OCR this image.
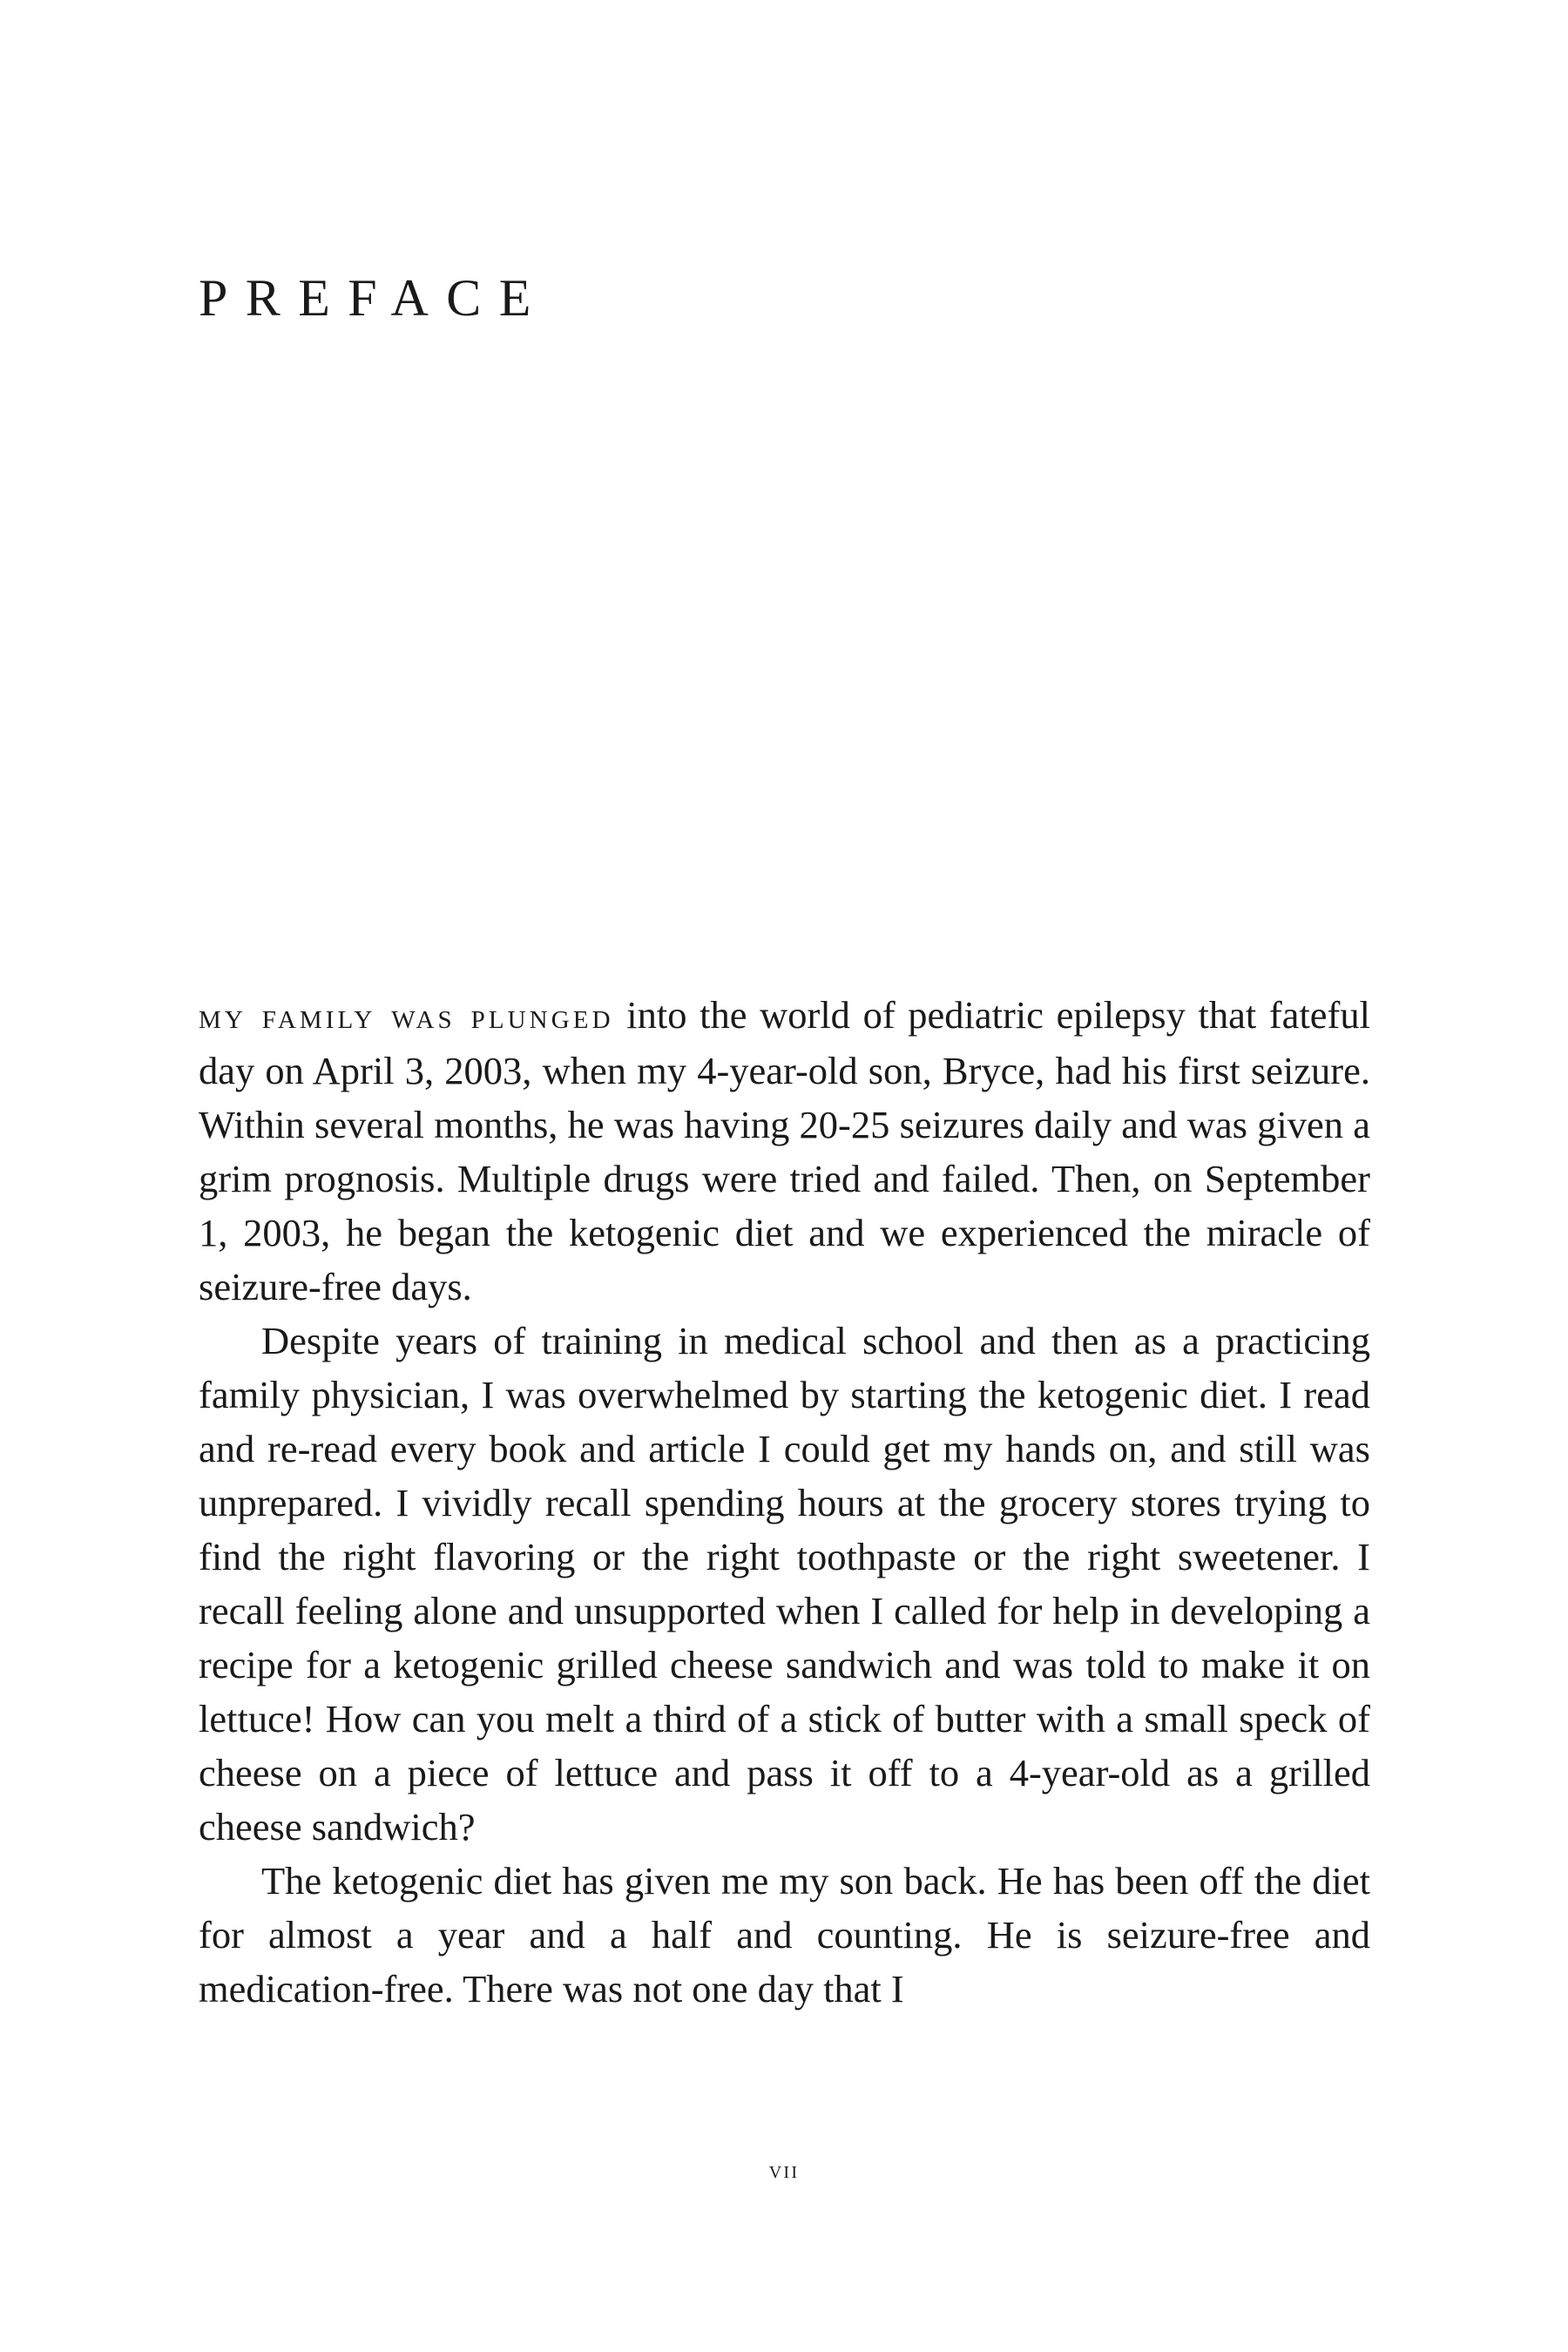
PREFACE

my family was plunged into the world of pediatric epilepsy that fateful day on April 3, 2003, when my 4-year-old son, Bryce, had his first seizure. Within several months, he was having 20-25 seizures daily and was given a grim prognosis. Multiple drugs were tried and failed. Then, on September 1, 2003, he began the ketogenic diet and we experienced the miracle of seizure-free days.

Despite years of training in medical school and then as a practicing family physician, I was overwhelmed by starting the ketogenic diet. I read and re-read every book and article I could get my hands on, and still was unprepared. I vividly recall spending hours at the grocery stores trying to find the right flavoring or the right toothpaste or the right sweetener. I recall feeling alone and unsupported when I called for help in developing a recipe for a ketogenic grilled cheese sandwich and was told to make it on lettuce! How can you melt a third of a stick of butter with a small speck of cheese on a piece of lettuce and pass it off to a 4-year-old as a grilled cheese sandwich?

The ketogenic diet has given me my son back. He has been off the diet for almost a year and a half and counting. He is seizure-free and medication-free. There was not one day that I

vii
